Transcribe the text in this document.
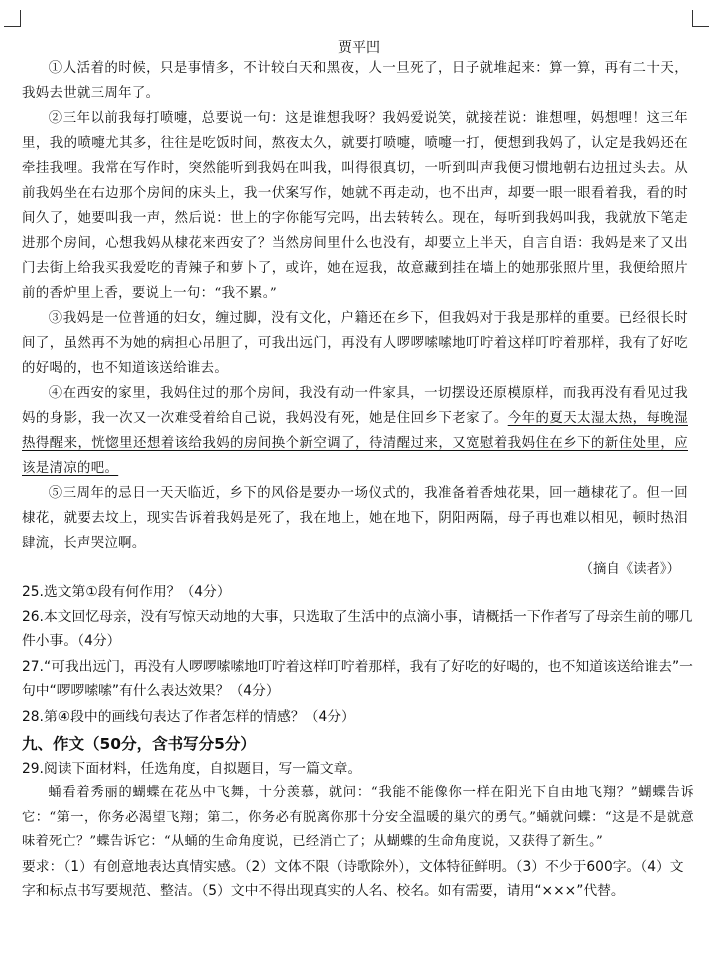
贾平凹

①人活着的时候，只是事情多，不计较白天和黑夜，人一旦死了，日子就堆起来：算一算，再有二十天，我妈去世就三周年了。

②三年以前我每打喷嚏，总要说一句：这是谁想我呀？我妈爱说笑，就接茬说：谁想哩，妈想哩！这三年里，我的喷嚏尤其多，往往是吃饭时间，熬夜太久，就要打喷嚏，喷嚏一打，便想到我妈了，认定是我妈还在牵挂我哩。我常在写作时，突然能听到我妈在叫我，叫得很真切，一听到叫声我便习惯地朝右边扭过头去。从前我妈坐在右边那个房间的床头上，我一伏案写作，她就不再走动，也不出声，却要一眼一眼看着我，看的时间久了，她要叫我一声，然后说：世上的字你能写完吗，出去转转么。现在，每听到我妈叫我，我就放下笔走进那个房间，心想我妈从棣花来西安了？当然房间里什么也没有，却要立上半天，自言自语：我妈是来了又出门去街上给我买我爱吃的青辣子和萝卜了，或许，她在逗我，故意藏到挂在墙上的她那张照片里，我便给照片前的香炉里上香，要说上一句：“我不累。”

③我妈是一位普通的妇女，缠过脚，没有文化，户籍还在乡下，但我妈对于我是那样的重要。已经很长时间了，虽然再不为她的病担心吊胆了，可我出远门，再没有人啰啰嗦嗦地叮咛着这样叮咛着那样，我有了好吃的好喝的，也不知道该送给谁去。

④在西安的家里，我妈住过的那个房间，我没有动一件家具，一切摆设还原模原样，而我再没有看见过我妈的身影，我一次又一次难受着给自己说，我妈没有死，她是住回乡下老家了。今年的夏天太湿太热，每晚湿热得醒来，恍惚里还想着该给我妈的房间换个新空调了，待清醒过来，又宽慰着我妈住在乡下的新住处里，应该是清凉的吧。

⑤三周年的忌日一天天临近，乡下的风俗是要办一场仪式的，我准备着香烛花果，回一趟棣花了。但一回棣花，就要去坟上，现实告诉着我妈是死了，我在地上，她在地下，阴阳两隔，母子再也难以相见，顿时热泪肆流，长声哭泣啊。

（摘自《读者》）
25.选文第①段有何作用？（4分）
26.本文回忆母亲，没有写惊天动地的大事，只选取了生活中的点滴小事，请概括一下作者写了母亲生前的哪几件小事。（4分）
27.“可我出远门，再没有人啰啰嗦嗦地叮咛着这样叮咛着那样，我有了好吃的好喝的，也不知道该送给谁去”一句中“啰啰嗦嗦”有什么表达效果？（4分）
28.第④段中的画线句表达了作者怎样的情感？（4分）
九、作文（50分，含书写分5分）
29.阅读下面材料，任选角度，自拟题目，写一篇文章。

蛹看着秀丽的蝴蝶在花丛中飞舞，十分羡慕，就问：“我能不能像你一样在阳光下自由地飞翔？”蝴蝶告诉它：“第一，你务必渴望飞翔；第二，你务必有脱离你那十分安全温暖的巢穴的勇气。”蛹就问蝶：“这是不是就意味着死亡？”蝶告诉它：“从蛹的生命角度说，已经消亡了；从蝴蝶的生命角度说，又获得了新生。”

要求：（1）有创意地表达真情实感。（2）文体不限（诗歌除外），文体特征鲜明。（3）不少于600字。（4）文字和标点书写要规范、整洁。（5）文中不得出现真实的人名、校名。如有需要，请用“×××”代替。
